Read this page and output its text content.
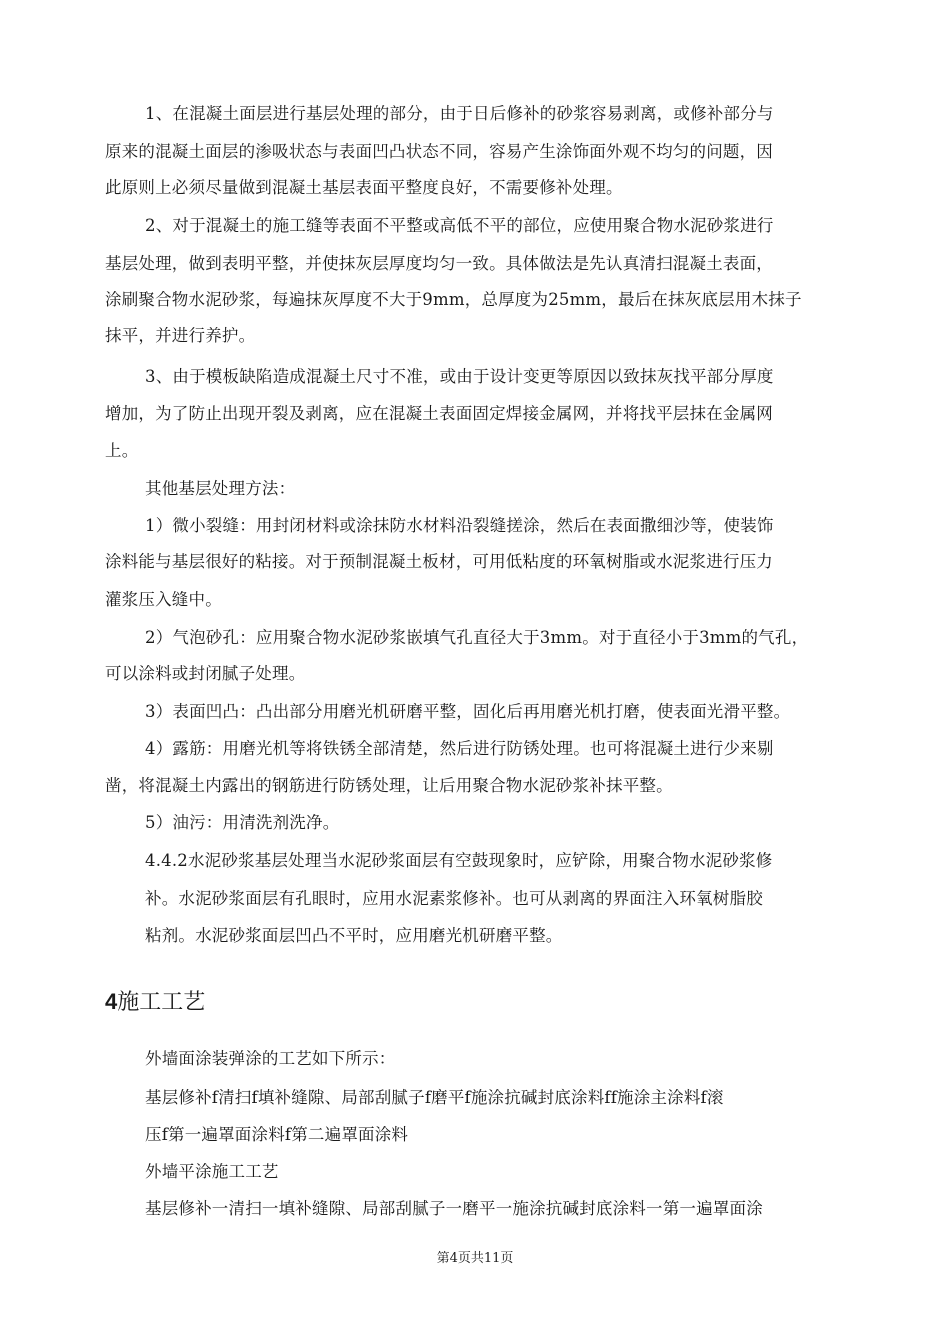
1、在混凝土面层进行基层处理的部分，由于日后修补的砂浆容易剥离，或修补部分与
原来的混凝土面层的渗吸状态与表面凹凸状态不同，容易产生涂饰面外观不均匀的问题，因
此原则上必须尽量做到混凝土基层表面平整度良好，不需要修补处理。
2、对于混凝土的施工缝等表面不平整或高低不平的部位，应使用聚合物水泥砂浆进行
基层处理，做到表明平整，并使抹灰层厚度均匀一致。具体做法是先认真清扫混凝土表面，
涂刷聚合物水泥砂浆，每遍抹灰厚度不大于9mm，总厚度为25mm，最后在抹灰底层用木抹子
抹平，并进行养护。
3、由于模板缺陷造成混凝土尺寸不准，或由于设计变更等原因以致抹灰找平部分厚度
增加，为了防止出现开裂及剥离，应在混凝土表面固定焊接金属网，并将找平层抹在金属网
上。
其他基层处理方法：
1）微小裂缝：用封闭材料或涂抹防水材料沿裂缝搓涂，然后在表面撒细沙等，使装饰
涂料能与基层很好的粘接。对于预制混凝土板材，可用低粘度的环氧树脂或水泥浆进行压力
灌浆压入缝中。
2）气泡砂孔：应用聚合物水泥砂浆嵌填气孔直径大于3mm。对于直径小于3mm的气孔，
可以涂料或封闭腻子处理。
3）表面凹凸：凸出部分用磨光机研磨平整，固化后再用磨光机打磨，使表面光滑平整。
4）露筋：用磨光机等将铁锈全部清楚，然后进行防锈处理。也可将混凝土进行少来剔
凿，将混凝土内露出的钢筋进行防锈处理，让后用聚合物水泥砂浆补抹平整。
5）油污：用清洗剂洗净。
4.4.2水泥砂浆基层处理当水泥砂浆面层有空鼓现象时，应铲除，用聚合物水泥砂浆修
补。水泥砂浆面层有孔眼时，应用水泥素浆修补。也可从剥离的界面注入环氧树脂胶
粘剂。水泥砂浆面层凹凸不平时，应用磨光机研磨平整。
4施工工艺
外墙面涂装弹涂的工艺如下所示：
基层修补f清扫f填补缝隙、局部刮腻子f磨平f施涂抗碱封底涂料ff施涂主涂料f滚
压f第一遍罩面涂料f第二遍罩面涂料
外墙平涂施工工艺
基层修补一清扫一填补缝隙、局部刮腻子一磨平一施涂抗碱封底涂料一第一遍罩面涂
第4页共11页
